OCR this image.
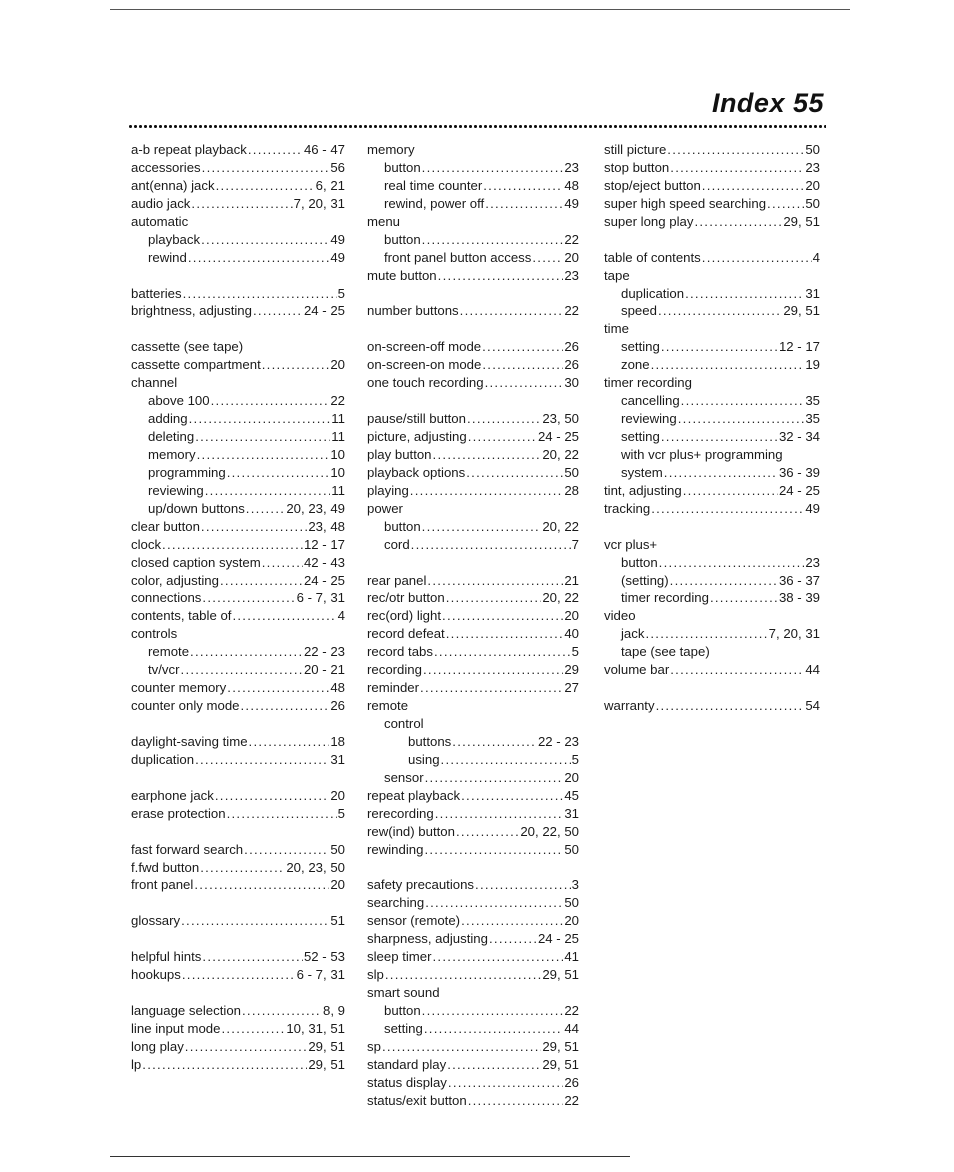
Index 55
a-b repeat playback . . .	46 - 47
accessories . . .	56
ant(enna) jack . . .	6, 21
audio jack . . .	7, 20, 31
automatic
playback . . .	49
rewind . . .	49
batteries . . .	5
brightness, adjusting . . .	24 - 25
cassette (see tape)
cassette compartment . . .	20
channel
above 100 . . .	22
adding . . .	11
deleting . . .	11
memory . . .	10
programming . . .	10
reviewing . . .	11
up/down buttons . . .	20, 23, 49
clear button . . .	23, 48
clock . . .	12 - 17
closed caption system . . .	42 - 43
color, adjusting . . .	24 - 25
connections . . .	6 - 7, 31
contents, table of . . .	4
controls
remote . . .	22 - 23
tv/vcr . . .	20 - 21
counter memory . . .	48
counter only mode . . .	26
daylight-saving time . . .	18
duplication . . .	31
earphone jack . . .	20
erase protection . . .	5
fast forward search . . .	50
f.fwd button . . .	20, 23, 50
front panel . . .	20
glossary . . .	51
helpful hints . . .	52 - 53
hookups . . .	6 - 7, 31
language selection . . .	8, 9
line input mode . . .	10, 31, 51
long play . . .	29, 51
lp . . .	29, 51
memory
button . . .	23
real time counter . . .	48
rewind, power off . . .	49
menu
button . . .	22
front panel button access . . . 20
mute button . . .	23
number buttons . . .	22
on-screen-off mode . . .	26
on-screen-on mode . . .	26
one touch recording . . .	30
pause/still button . . .	23, 50
picture, adjusting . . .	24 - 25
play button . . .	20, 22
playback options . . .	50
playing . . .	28
power
button . . .	20, 22
cord . . .	7
rear panel . . .	21
rec/otr button . . .	20, 22
rec(ord) light . . .	20
record defeat . . .	40
record tabs . . .	5
recording . . .	29
reminder . . .	27
remote
control
buttons . . .	22 - 23
using . . .	5
sensor . . .	20
repeat playback . . .	45
rerecording . . .	31
rew(ind) button . . .	20, 22, 50
rewinding . . .	50
safety precautions . . .	3
searching . . .	50
sensor (remote) . . .	20
sharpness, adjusting . . .	24 - 25
sleep timer . . .	41
slp . . .	29, 51
smart sound
button . . .	22
setting . . .	44
sp . . .	29, 51
standard play . . .	29, 51
status display . . .	26
status/exit button . . .	22
still picture . . .	50
stop button . . .	23
stop/eject button . . .	20
super high speed searching . . .	50
super long play . . .	29, 51
table of contents . . .	4
tape
duplication . . .	31
speed . . .	29, 51
time
setting . . .	12 - 17
zone . . .	19
timer recording
cancelling . . .	35
reviewing . . .	35
setting . . .	32 - 34
with vcr plus+ programming
system . . .	36 - 39
tint, adjusting . . .	24 - 25
tracking . . .	49
vcr plus+
button . . .	23
(setting) . . .	36 - 37
timer recording . . .	38 - 39
video
jack . . .	7, 20, 31
tape (see tape)
volume bar . . .	44
warranty . . .	54
